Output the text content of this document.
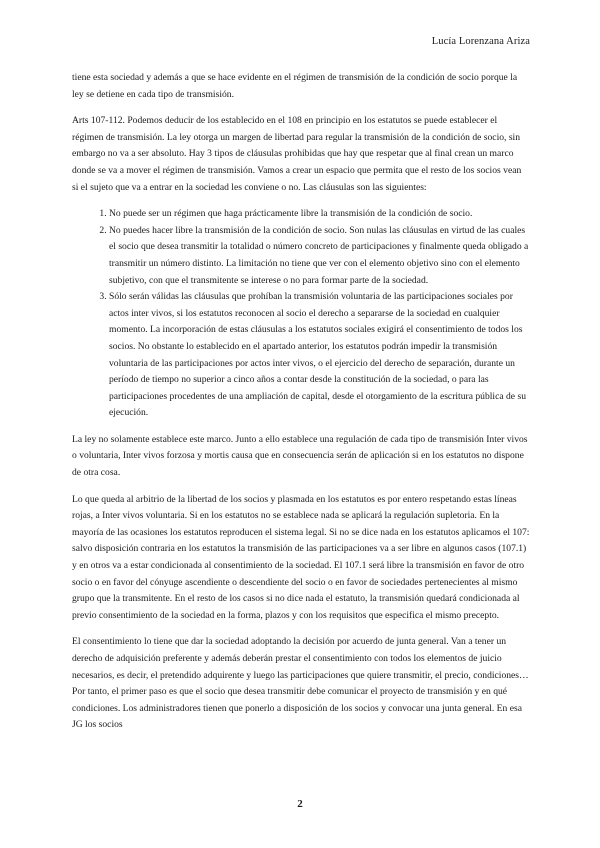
Lucía Lorenzana Ariza

tiene esta sociedad y además a que se hace evidente en el régimen de transmisión de la condición de socio porque la ley se detiene en cada tipo de transmisión.

Arts 107-112. Podemos deducir de los establecido en el 108 en principio en los estatutos se puede establecer el régimen de transmisión. La ley otorga un margen de libertad para regular la transmisión de la condición de socio, sin embargo no va a ser absoluto. Hay 3 tipos de cláusulas prohibidas que hay que respetar que al final crean un marco donde se va a mover el régimen de transmisión. Vamos a crear un espacio que permita que el resto de los socios vean si el sujeto que va a entrar en la sociedad les conviene o no. Las cláusulas son las siguientes:

1. No puede ser un régimen que haga prácticamente libre la transmisión de la condición de socio.
2. No puedes hacer libre la transmisión de la condición de socio. Son nulas las cláusulas en virtud de las cuales el socio que desea transmitir la totalidad o número concreto de participaciones y finalmente queda obligado a transmitir un número distinto. La limitación no tiene que ver con el elemento objetivo sino con el elemento subjetivo, con que el transmitente se interese o no para formar parte de la sociedad.
3. Sólo serán válidas las cláusulas que prohíban la transmisión voluntaria de las participaciones sociales por actos inter vivos, si los estatutos reconocen al socio el derecho a separarse de la sociedad en cualquier momento. La incorporación de estas cláusulas a los estatutos sociales exigirá el consentimiento de todos los socios. No obstante lo establecido en el apartado anterior, los estatutos podrán impedir la transmisión voluntaria de las participaciones por actos inter vivos, o el ejercicio del derecho de separación, durante un período de tiempo no superior a cinco años a contar desde la constitución de la sociedad, o para las participaciones procedentes de una ampliación de capital, desde el otorgamiento de la escritura pública de su ejecución.

La ley no solamente establece este marco. Junto a ello establece una regulación de cada tipo de transmisión Inter vivos o voluntaria, Inter vivos forzosa y mortis causa que en consecuencia serán de aplicación si en los estatutos no dispone de otra cosa.

Lo que queda al arbitrio de la libertad de los socios y plasmada en los estatutos es por entero respetando estas líneas rojas, a Inter vivos voluntaria. Si en los estatutos no se establece nada se aplicará la regulación supletoria. En la mayoría de las ocasiones los estatutos reproducen el sistema legal. Si no se dice nada en los estatutos aplicamos el 107: salvo disposición contraria en los estatutos la transmisión de las participaciones va a ser libre en algunos casos (107.1) y en otros va a estar condicionada al consentimiento de la sociedad. El 107.1 será libre la transmisión en favor de otro socio o en favor del cónyuge ascendiente o descendiente del socio o en favor de sociedades pertenecientes al mismo grupo que la transmitente. En el resto de los casos si no dice nada el estatuto, la transmisión quedará condicionada al previo consentimiento de la sociedad en la forma, plazos y con los requisitos que especifica el mismo precepto.

El consentimiento lo tiene que dar la sociedad adoptando la decisión por acuerdo de junta general. Van a tener un derecho de adquisición preferente y además deberán prestar el consentimiento con todos los elementos de juicio necesarios, es decir, el pretendido adquirente y luego las participaciones que quiere transmitir, el precio, condiciones… Por tanto, el primer paso es que el socio que desea transmitir debe comunicar el proyecto de transmisión y en qué condiciones. Los administradores tienen que ponerlo a disposición de los socios y convocar una junta general. En esa JG los socios

2
